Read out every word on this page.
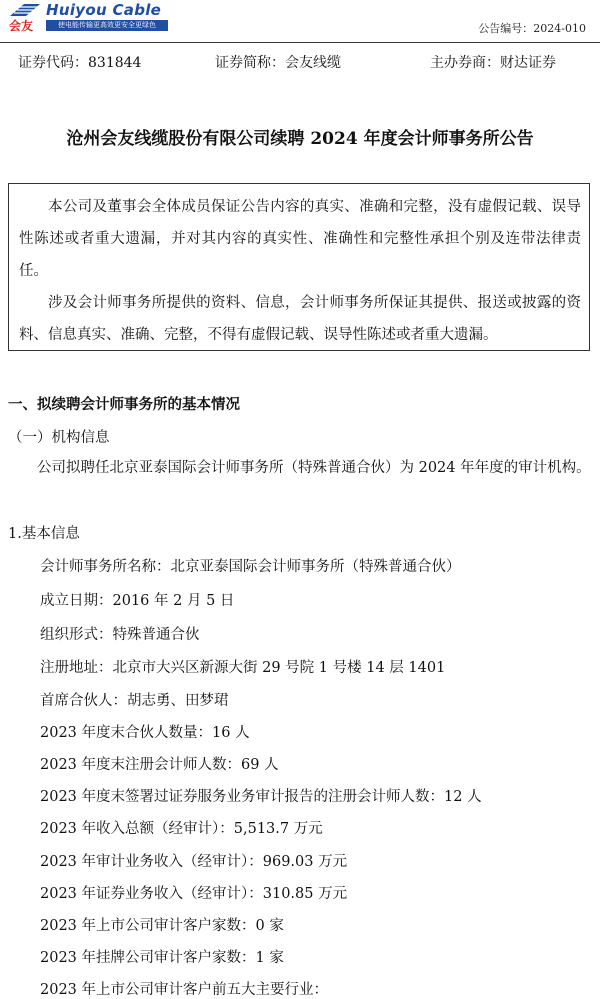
会友
Huiyou Cable
使电能传输更高效更安全更绿色	公告编号：2024-010
证券代码：831844	证券简称：会友线缆	主办券商：财达证券
沧州会友线缆股份有限公司续聘 2024 年度会计师事务所公告

本公司及董事会全体成员保证公告内容的真实、准确和完整，没有虚假记载、误导性陈述或者重大遗漏，并对其内容的真实性、准确性和完整性承担个别及连带法律责任。

涉及会计师事务所提供的资料、信息，会计师事务所保证其提供、报送或披露的资料、信息真实、准确、完整，不得有虚假记载、误导性陈述或者重大遗漏。

一、拟续聘会计师事务所的基本情况
（一）机构信息
公司拟聘任北京亚泰国际会计师事务所（特殊普通合伙）为 2024 年年度的审计机构。
1.基本信息
会计师事务所名称：北京亚泰国际会计师事务所（特殊普通合伙）
成立日期：2016 年 2 月 5 日
组织形式：特殊普通合伙
注册地址：北京市大兴区新源大街 29 号院 1 号楼 14 层 1401
首席合伙人：胡志勇、田梦珺
2023 年度末合伙人数量：16 人
2023 年度末注册会计师人数：69 人
2023 年度末签署过证券服务业务审计报告的注册会计师人数：12 人
2023 年收入总额（经审计）：5,513.7 万元
2023 年审计业务收入（经审计）：969.03 万元
2023 年证券业务收入（经审计）：310.85 万元
2023 年上市公司审计客户家数：0 家
2023 年挂牌公司审计客户家数：1 家
2023 年上市公司审计客户前五大主要行业：
